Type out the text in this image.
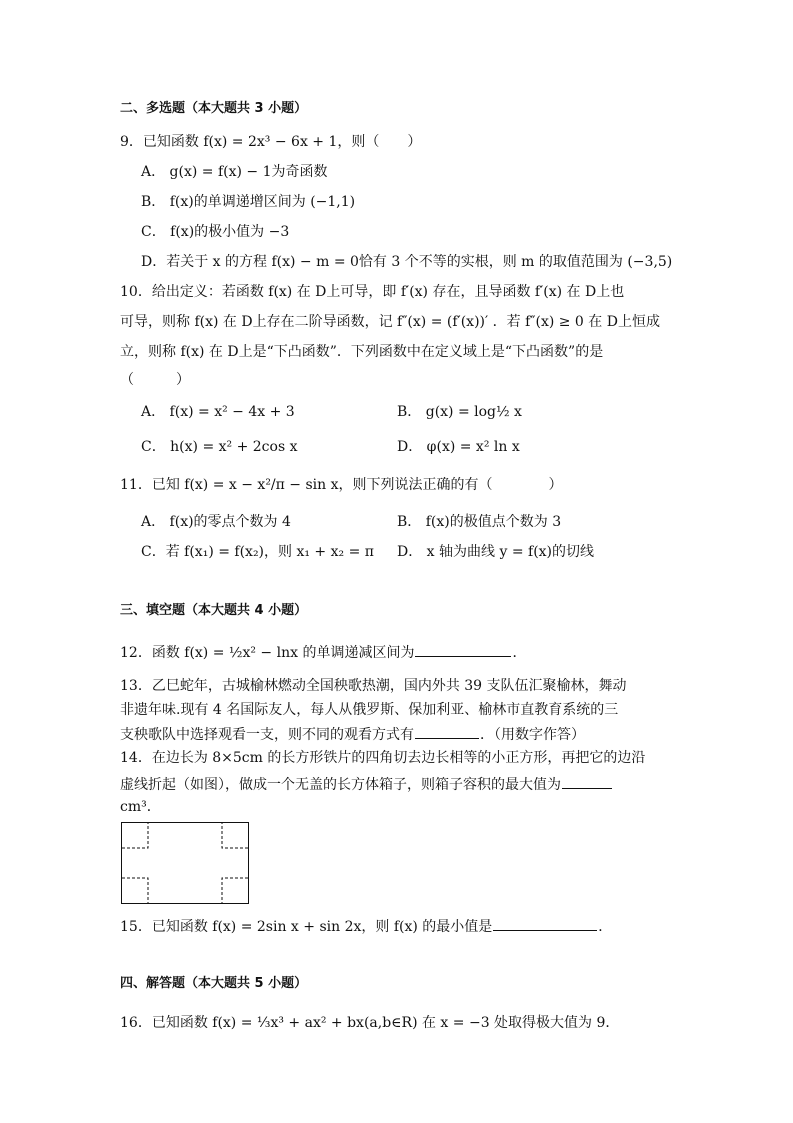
二、多选题（本大题共 3 小题）
9．已知函数 f(x) = 2x³ − 6x + 1，则（　　）
A． g(x) = f(x) − 1为奇函数
B． f(x)的单调递增区间为 (−1,1)
C． f(x)的极小值为 −3
D．若关于 x 的方程 f(x) − m = 0恰有 3 个不等的实根，则 m 的取值范围为 (−3,5)
10．给出定义：若函数 f(x) 在 D上可导，即 f′(x) 存在，且导函数 f′(x) 在 D上也
可导，则称 f(x) 在 D上存在二阶导函数，记 f″(x) = (f′(x))′ ．若 f″(x) ≥ 0 在 D上恒成
立，则称 f(x) 在 D上是“下凸函数”．下列函数中在定义域上是“下凸函数”的是
（　　　）
A． f(x) = x² − 4x + 3	B． g(x) = log½ x
C． h(x) = x² + 2cos x	D． φ(x) = x² ln x
11．已知 f(x) = x − x²/π − sin x，则下列说法正确的有（　　　　）
A． f(x)的零点个数为 4	B． f(x)的极值点个数为 3
C．若 f(x₁) = f(x₂)，则 x₁ + x₂ = π D． x 轴为曲线 y = f(x)的切线
三、填空题（本大题共 4 小题）
12．函数 f(x) = ½x² − lnx 的单调递减区间为	．
13．乙巳蛇年，古城榆林燃动全国秧歌热潮，国内外共 39 支队伍汇聚榆林，舞动
非遗年味.现有 4 名国际友人，每人从俄罗斯、保加利亚、榆林市直教育系统的三
支秧歌队中选择观看一支，则不同的观看方式有	．（用数字作答）
14．在边长为 8×5cm 的长方形铁片的四角切去边长相等的小正方形，再把它的边沿
虚线折起（如图），做成一个无盖的长方体箱子，则箱子容积的最大值为
cm³．
15．已知函数 f(x) = 2sin x + sin 2x，则 f(x) 的最小值是	．
四、解答题（本大题共 5 小题）
16．已知函数 f(x) = ⅓x³ + ax² + bx(a,b∈R) 在 x = −3 处取得极大值为 9．
